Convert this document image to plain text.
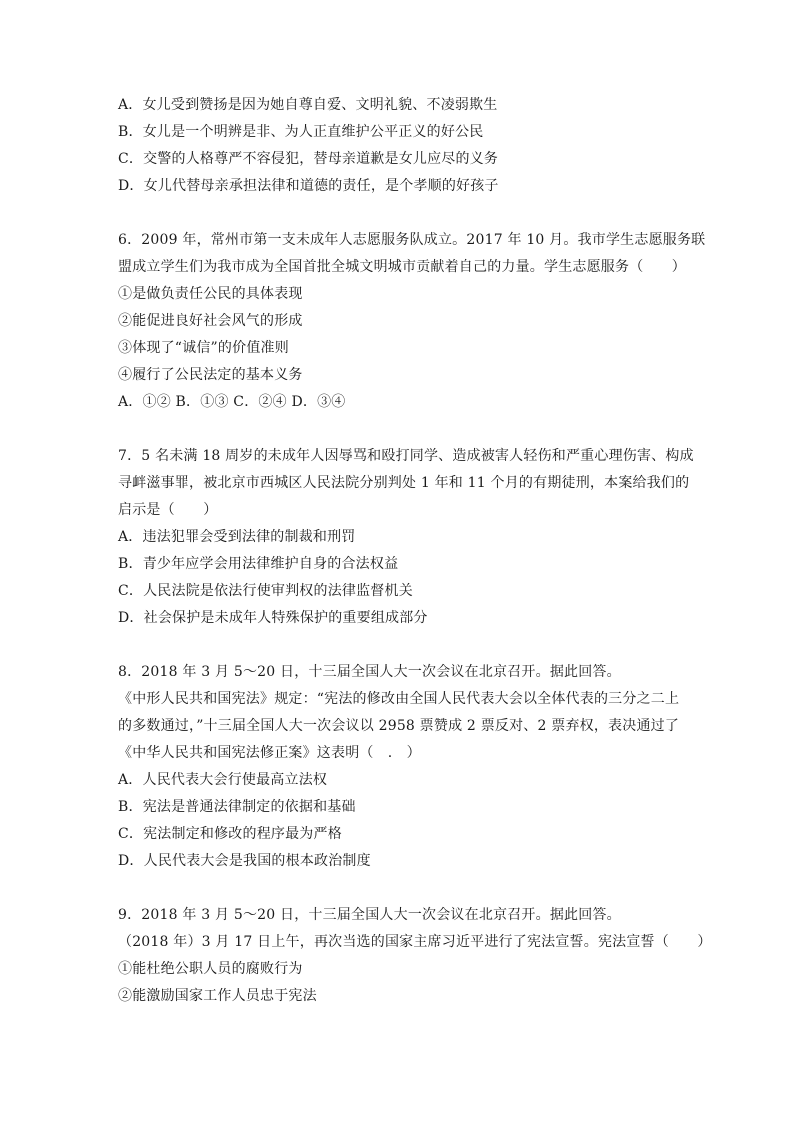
A．女儿受到赞扬是因为她自尊自爱、文明礼貌、不凌弱欺生
B．女儿是一个明辨是非、为人正直维护公平正义的好公民
C．交警的人格尊严不容侵犯，替母亲道歉是女儿应尽的义务
D．女儿代替母亲承担法律和道德的责任，是个孝顺的好孩子
6．2009 年，常州市第一支未成年人志愿服务队成立。2017 年 10 月。我市学生志愿服务联
盟成立学生们为我市成为全国首批全城文明城市贡献着自己的力量。学生志愿服务（　　）
①是做负责任公民的具体表现
②能促进良好社会风气的形成
③体现了“诚信”的价值准则
④履行了公民法定的基本义务
A．①② B．①③ C．②④ D．③④
7．5 名未满 18 周岁的未成年人因辱骂和殴打同学、造成被害人轻伤和严重心理伤害、构成
寻衅滋事罪，被北京市西城区人民法院分别判处 1 年和 11 个月的有期徒刑，本案给我们的
启示是（　　）
A．违法犯罪会受到法律的制裁和刑罚
B．青少年应学会用法律维护自身的合法权益
C．人民法院是依法行使审判权的法律监督机关
D．社会保护是未成年人特殊保护的重要组成部分
8．2018 年 3 月 5～20 日，十三届全国人大一次会议在北京召开。据此回答。
《中形人民共和国宪法》规定：“宪法的修改由全国人民代表大会以全体代表的三分之二上
的多数通过，”十三届全国人大一次会议以 2958 票赞成 2 票反对、2 票弃权，表决通过了
《中华人民共和国宪法修正案》这表明（　.　）
A．人民代表大会行使最高立法权
B．宪法是普通法律制定的依据和基础
C．宪法制定和修改的程序最为严格
D．人民代表大会是我国的根本政治制度
9．2018 年 3 月 5～20 日，十三届全国人大一次会议在北京召开。据此回答。
（2018 年）3 月 17 日上午，再次当选的国家主席习近平进行了宪法宣誓。宪法宣誓（　　）
①能杜绝公职人员的腐败行为
②能激励国家工作人员忠于宪法
